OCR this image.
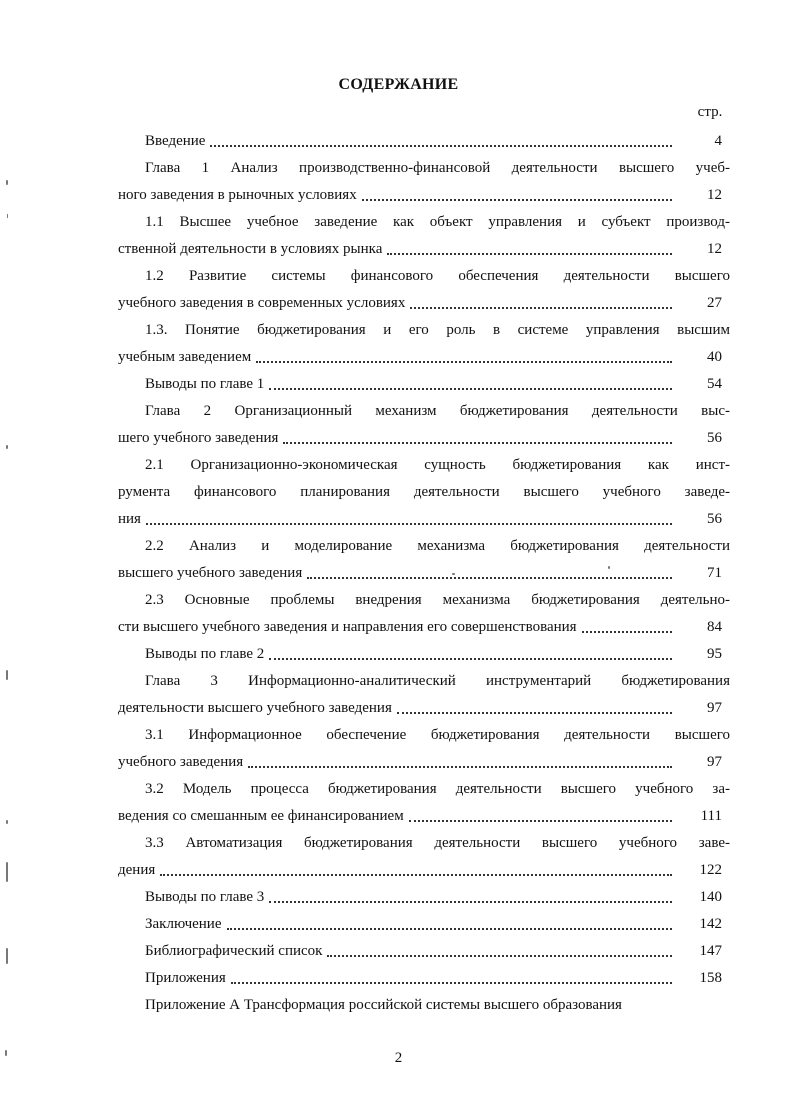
СОДЕРЖАНИЕ
стр.
Введение	4
Глава 1 Анализ производственно-финансовой деятельности высшего учеб-
ного заведения в рыночных условиях	12
1.1 Высшее учебное заведение как объект управления и субъект производ-
ственной деятельности в условиях рынка	12
1.2 Развитие системы финансового обеспечения деятельности высшего
учебного заведения в современных условиях	27
1.3. Понятие бюджетирования и его роль в системе управления высшим
учебным заведением	40
Выводы по главе 1	54
Глава 2 Организационный механизм бюджетирования деятельности выс-
шего учебного заведения	56
2.1 Организационно-экономическая сущность бюджетирования как инст-
румента финансового планирования деятельности высшего учебного заведе-
ния	56
2.2 Анализ и моделирование механизма бюджетирования деятельности
высшего учебного заведения	71
2.3 Основные проблемы внедрения механизма бюджетирования деятельно-
сти высшего учебного заведения и направления его совершенствования	84
Выводы по главе 2	95
Глава 3 Информационно-аналитический инструментарий бюджетирования
деятельности высшего учебного заведения	97
3.1 Информационное обеспечение бюджетирования деятельности высшего
учебного заведения	97
3.2 Модель процесса бюджетирования деятельности высшего учебного за-
ведения со смешанным ее финансированием	111
3.3 Автоматизация бюджетирования деятельности высшего учебного заве-
дения	122
Выводы по главе 3	140
Заключение	142
Библиографический список	147
Приложения	158
Приложение А Трансформация российской системы высшего образования
2
